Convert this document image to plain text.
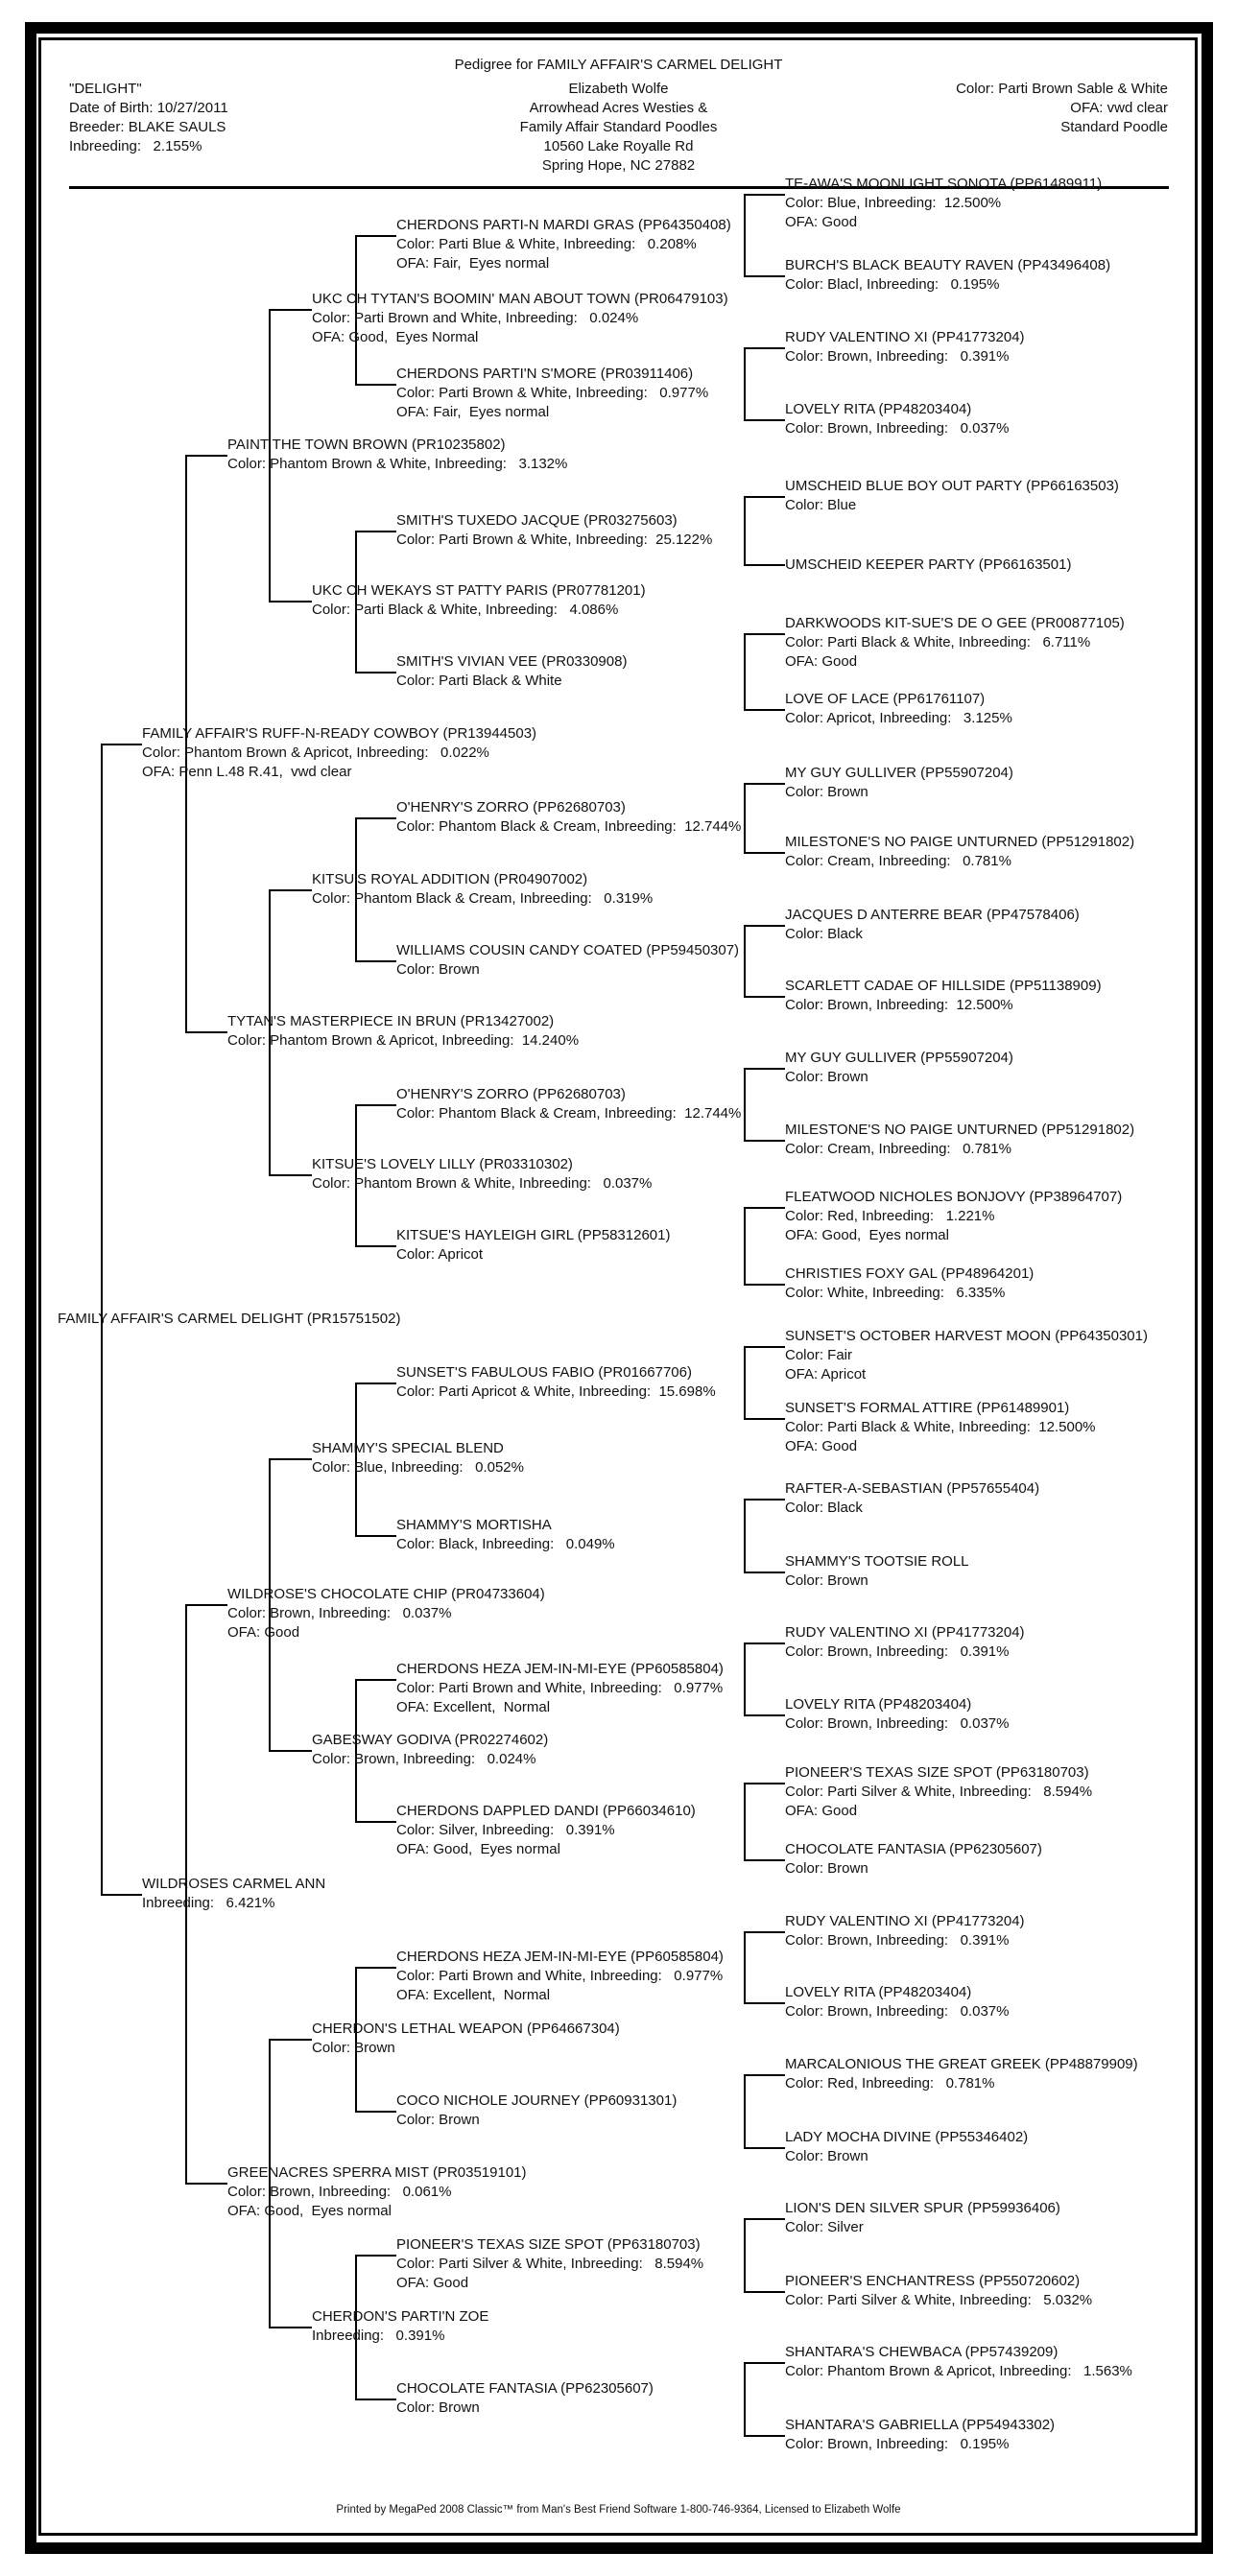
Pedigree for FAMILY AFFAIR'S CARMEL DELIGHT
"DELIGHT"
Date of Birth: 10/27/2011
Breeder: BLAKE SAULS
Inbreeding:   2.155%
Elizabeth Wolfe
Arrowhead Acres Westies &
Family Affair Standard Poodles
10560 Lake Royalle Rd
Spring Hope, NC 27882
Color: Parti Brown Sable & White
OFA: vwd clear
Standard Poodle
TE-AWA'S MOONLIGHT SONOTA (PP61489911)
Color: Blue, Inbreeding:  12.500%
OFA: Good
BURCH'S BLACK BEAUTY RAVEN (PP43496408)
Color: Blacl, Inbreeding:   0.195%
CHERDONS PARTI-N MARDI GRAS (PP64350408)
Color: Parti Blue & White, Inbreeding:   0.208%
OFA: Fair,  Eyes normal
RUDY VALENTINO XI (PP41773204)
Color: Brown, Inbreeding:   0.391%
LOVELY RITA (PP48203404)
Color: Brown, Inbreeding:   0.037%
CHERDONS PARTI'N S'MORE (PR03911406)
Color: Parti Brown & White, Inbreeding:   0.977%
OFA: Fair,  Eyes normal
UKC CH TYTAN'S BOOMIN' MAN ABOUT TOWN (PR06479103)
Color: Parti Brown and White, Inbreeding:   0.024%
OFA: Good,  Eyes Normal
UMSCHEID BLUE BOY OUT PARTY (PP66163503)
Color: Blue
UMSCHEID KEEPER PARTY (PP66163501)
SMITH'S TUXEDO JACQUE (PR03275603)
Color: Parti Brown & White, Inbreeding:  25.122%
DARKWOODS KIT-SUE'S DE O GEE (PR00877105)
Color: Parti Black & White, Inbreeding:   6.711%
OFA: Good
LOVE OF LACE (PP61761107)
Color: Apricot, Inbreeding:   3.125%
SMITH'S VIVIAN VEE (PR0330908)
Color: Parti Black & White
UKC CH WEKAYS ST PATTY PARIS (PR07781201)
Color: Parti Black & White, Inbreeding:   4.086%
PAINT THE TOWN BROWN (PR10235802)
Color: Phantom Brown & White, Inbreeding:   3.132%
MY GUY GULLIVER (PP55907204)
Color: Brown
MILESTONE'S NO PAIGE UNTURNED (PP51291802)
Color: Cream, Inbreeding:   0.781%
O'HENRY'S ZORRO (PP62680703)
Color: Phantom Black & Cream, Inbreeding:  12.744%
JACQUES D ANTERRE BEAR (PP47578406)
Color: Black
SCARLETT CADAE OF HILLSIDE (PP51138909)
Color: Brown, Inbreeding:  12.500%
WILLIAMS COUSIN CANDY COATED (PP59450307)
Color: Brown
KITSU'S ROYAL ADDITION (PR04907002)
Color: Phantom Black & Cream, Inbreeding:   0.319%
MY GUY GULLIVER (PP55907204)
Color: Brown
MILESTONE'S NO PAIGE UNTURNED (PP51291802)
Color: Cream, Inbreeding:   0.781%
O'HENRY'S ZORRO (PP62680703)
Color: Phantom Black & Cream, Inbreeding:  12.744%
FLEATWOOD NICHOLES BONJOVY (PP38964707)
Color: Red, Inbreeding:   1.221%
OFA: Good,  Eyes normal
CHRISTIES FOXY GAL (PP48964201)
Color: White, Inbreeding:   6.335%
KITSUE'S HAYLEIGH GIRL (PP58312601)
Color: Apricot
KITSUE'S LOVELY LILLY (PR03310302)
Color: Phantom Brown & White, Inbreeding:   0.037%
TYTAN'S MASTERPIECE IN BRUN (PR13427002)
Color: Phantom Brown & Apricot, Inbreeding:  14.240%
FAMILY AFFAIR'S RUFF-N-READY COWBOY (PR13944503)
Color: Phantom Brown & Apricot, Inbreeding:   0.022%
OFA: Penn L.48 R.41,  vwd clear
SUNSET'S OCTOBER HARVEST MOON (PP64350301)
Color: Fair
OFA: Apricot
SUNSET'S FORMAL ATTIRE (PP61489901)
Color: Parti Black & White, Inbreeding:  12.500%
OFA: Good
SUNSET'S FABULOUS FABIO (PR01667706)
Color: Parti Apricot & White, Inbreeding:  15.698%
RAFTER-A-SEBASTIAN (PP57655404)
Color: Black
SHAMMY'S TOOTSIE ROLL
Color: Brown
SHAMMY'S MORTISHA
Color: Black, Inbreeding:   0.049%
SHAMMY'S SPECIAL BLEND
Color: Blue, Inbreeding:   0.052%
RUDY VALENTINO XI (PP41773204)
Color: Brown, Inbreeding:   0.391%
LOVELY RITA (PP48203404)
Color: Brown, Inbreeding:   0.037%
CHERDONS HEZA JEM-IN-MI-EYE (PP60585804)
Color: Parti Brown and White, Inbreeding:   0.977%
OFA: Excellent,  Normal
PIONEER'S TEXAS SIZE SPOT (PP63180703)
Color: Parti Silver & White, Inbreeding:   8.594%
OFA: Good
CHOCOLATE FANTASIA (PP62305607)
Color: Brown
CHERDONS DAPPLED DANDI (PP66034610)
Color: Silver, Inbreeding:   0.391%
OFA: Good,  Eyes normal
GABESWAY GODIVA (PR02274602)
Color: Brown, Inbreeding:   0.024%
WILDROSE'S CHOCOLATE CHIP (PR04733604)
Color: Brown, Inbreeding:   0.037%
OFA: Good
RUDY VALENTINO XI (PP41773204)
Color: Brown, Inbreeding:   0.391%
LOVELY RITA (PP48203404)
Color: Brown, Inbreeding:   0.037%
CHERDONS HEZA JEM-IN-MI-EYE (PP60585804)
Color: Parti Brown and White, Inbreeding:   0.977%
OFA: Excellent,  Normal
MARCALONIOUS THE GREAT GREEK (PP48879909)
Color: Red, Inbreeding:   0.781%
LADY MOCHA DIVINE (PP55346402)
Color: Brown
COCO NICHOLE JOURNEY (PP60931301)
Color: Brown
CHERDON'S LETHAL WEAPON (PP64667304)
Color: Brown
LION'S DEN SILVER SPUR (PP59936406)
Color: Silver
PIONEER'S ENCHANTRESS (PP550720602)
Color: Parti Silver & White, Inbreeding:   5.032%
PIONEER'S TEXAS SIZE SPOT (PP63180703)
Color: Parti Silver & White, Inbreeding:   8.594%
OFA: Good
SHANTARA'S CHEWBACA (PP57439209)
Color: Phantom Brown & Apricot, Inbreeding:   1.563%
SHANTARA'S GABRIELLA (PP54943302)
Color: Brown, Inbreeding:   0.195%
CHOCOLATE FANTASIA (PP62305607)
Color: Brown
CHERDON'S PARTI'N ZOE
Inbreeding:   0.391%
GREENACRES SPERRA MIST (PR03519101)
Color: Brown, Inbreeding:   0.061%
OFA: Good,  Eyes normal
WILDROSES CARMEL ANN
Inbreeding:   6.421%
FAMILY AFFAIR'S CARMEL DELIGHT (PR15751502)
Printed by MegaPed 2008 Classic™ from Man's Best Friend Software 1-800-746-9364, Licensed to Elizabeth Wolfe
